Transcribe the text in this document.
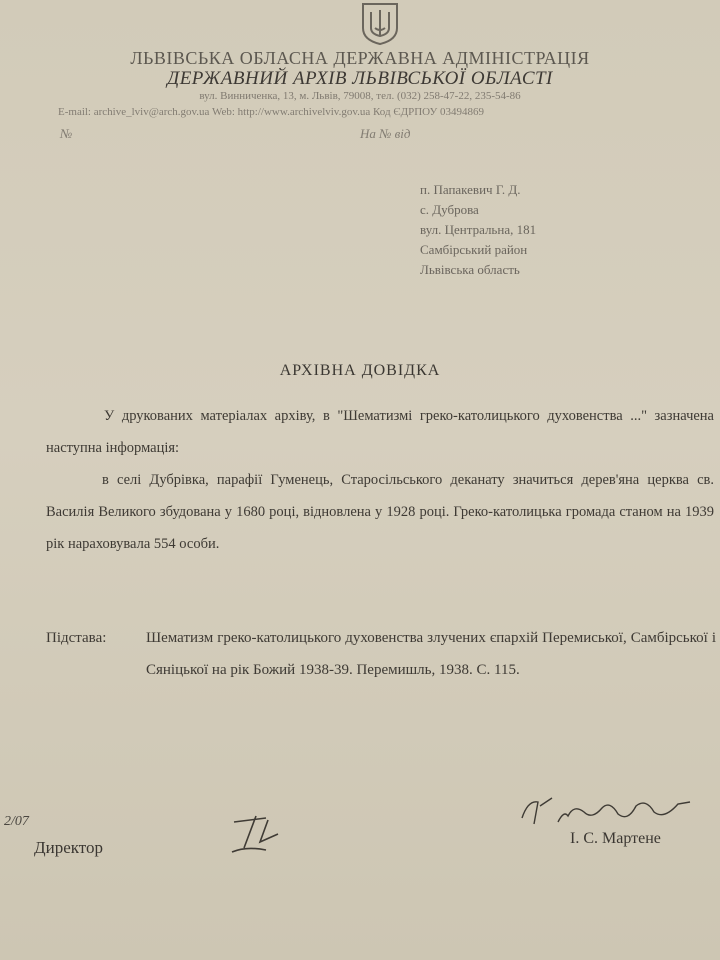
ЛЬВІВСЬКА ОБЛАСНА ДЕРЖАВНА АДМІНІСТРАЦІЯ
ДЕРЖАВНИЙ АРХІВ ЛЬВІВСЬКОЇ ОБЛАСТІ
вул. Винниченка, 13, м. Львів, 79008, тел. (032) 258-47-22, 235-54-86
E-mail: archive_lviv@arch.gov.ua Web: http://www.archivelviv.gov.ua Код ЄДРПОУ 03494869
№	На № від
п. Папакевич Г. Д.
с. Дуброва
вул. Центральна, 181
Самбірський район
Львівська область
АРХІВНА ДОВІДКА

У друкованих матеріалах архіву, в "Шематизмі греко-католицького духовенства ..." зазначена наступна інформація:

в селі Дубрівка, парафії Гуменець, Старосільського деканату значиться дерев'яна церква св. Василія Великого збудована у 1680 році, відновлена у 1928 році. Греко-католицька громада станом на 1939 рік нараховувала 554 особи.

Підстава:	Шематизм греко-католицького духовенства злучених єпархій Перемиської, Самбірської і Сяніцької на рік Божий 1938-39. Перемишль, 1938. С. 115.
2/07
Директор	І. С. Мартене
